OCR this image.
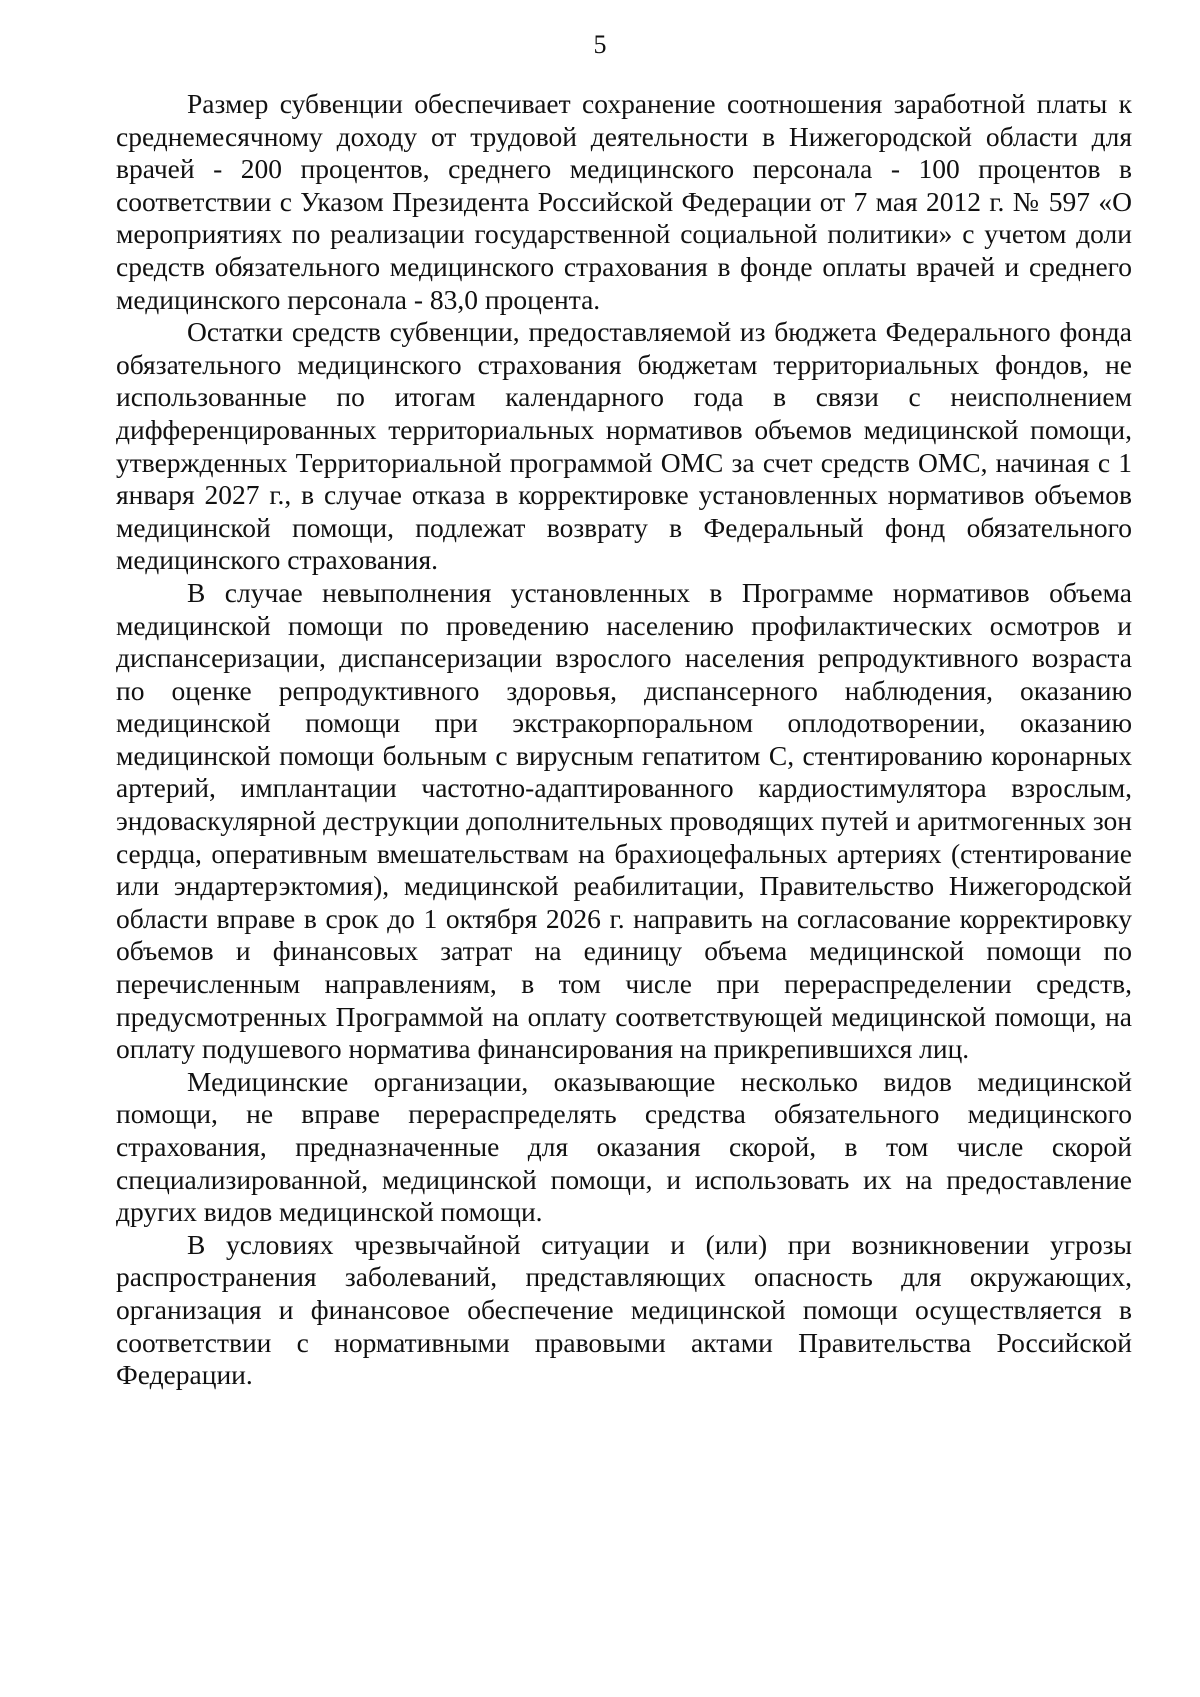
5

Размер субвенции обеспечивает сохранение соотношения заработной платы к среднемесячному доходу от трудовой деятельности в Нижегородской области для врачей - 200 процентов, среднего медицинского персонала - 100 процентов в соответствии с Указом Президента Российской Федерации от 7 мая 2012 г. № 597 «О мероприятиях по реализации государственной социальной политики» с учетом доли средств обязательного медицинского страхования в фонде оплаты врачей и среднего медицинского персонала - 83,0 процента.

Остатки средств субвенции, предоставляемой из бюджета Федерального фонда обязательного медицинского страхования бюджетам территориальных фондов, не использованные по итогам календарного года в связи с неисполнением дифференцированных территориальных нормативов объемов медицинской помощи, утвержденных Территориальной программой ОМС за счет средств ОМС, начиная с 1 января 2027 г., в случае отказа в корректировке установленных нормативов объемов медицинской помощи, подлежат возврату в Федеральный фонд обязательного медицинского страхования.

В случае невыполнения установленных в Программе нормативов объема медицинской помощи по проведению населению профилактических осмотров и диспансеризации, диспансеризации взрослого населения репродуктивного возраста по оценке репродуктивного здоровья, диспансерного наблюдения, оказанию медицинской помощи при экстракорпоральном оплодотворении, оказанию медицинской помощи больным с вирусным гепатитом С, стентированию коронарных артерий, имплантации частотно-адаптированного кардиостимулятора взрослым, эндоваскулярной деструкции дополнительных проводящих путей и аритмогенных зон сердца, оперативным вмешательствам на брахиоцефальных артериях (стентирование или эндартерэктомия), медицинской реабилитации, Правительство Нижегородской области вправе в срок до 1 октября 2026 г. направить на согласование корректировку объемов и финансовых затрат на единицу объема медицинской помощи по перечисленным направлениям, в том числе при перераспределении средств, предусмотренных Программой на оплату соответствующей медицинской помощи, на оплату подушевого норматива финансирования на прикрепившихся лиц.

Медицинские организации, оказывающие несколько видов медицинской помощи, не вправе перераспределять средства обязательного медицинского страхования, предназначенные для оказания скорой, в том числе скорой специализированной, медицинской помощи, и использовать их на предоставление других видов медицинской помощи.

В условиях чрезвычайной ситуации и (или) при возникновении угрозы распространения заболеваний, представляющих опасность для окружающих, организация и финансовое обеспечение медицинской помощи осуществляется в соответствии с нормативными правовыми актами Правительства Российской Федерации.
